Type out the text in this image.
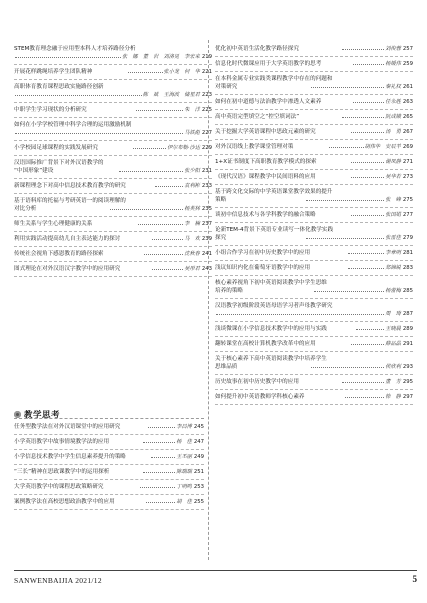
STEM教育理念融于应用型本科人才培养路径分析
张　娜　董　岩　刘洛见　李宏来 219
开展花样跳绳培养学生团队精神	张小龙　何　华 221
高职体育教育课程思政实施路径创新
陈　斌　王海波　储星君 223
中职学生学习现状的分析研究	朱　洋 225
如何在小学学校管理中科学合理的运用激励机制
马铁彪 227
小学校园足球课程的实践发展研究	伊尔布勒·沙达 229
汉语国际推广背景下对外汉语教学的
“中国形象”建设	张少阳 231
新课程理念下对高中信息技术教育教学的研究	袁利彬 233
基于语料库的托福与考研英语一的阅读理解的
对比分析	杨英林 235
师生关系与学生心理健康的关系	李　楠 237
利用实践活动提高幼儿自主表达能力的探讨	马　欢 239
传统社会视角下感恩教育的路径探索	沈秋春 241
图式理论在对外汉语汉字教学中的应用研究	吴彤君 243
优化初中英语生活化教学路径探究	刘俊蓉 257
信息化时代微课应用于大学英语教学的思考	杨媛伟 259
在本科金属专业实践类课程教学中存在的问题和
对策研究	秦礼权 261
如何在初中道德与法治教学中渗透人文素养	任永胜 263
高中英语完型填空之“控空填词法”	阮成娥 265
关于挖掘大学英语课程中思政元素的研究	汤　勇 267
对外汉语线上教学课堂管理对策	胡伟华　安辰羊 269
1+X证书制度下高职教育教学模式的探索	谢凤静 271
《现代汉语》课程教学中民间语料的应用	吴华若 273
基于跨文化交际的中学英语课堂教学效果的提升
策略	张　峰 275
谈初中信息技术与各学科教学的融合策略	张国娟 277
论新TEM-4背景下英语专业读写一体化教学实践
探究	张雷佳 279
小组合作学习在初中历史教学中的应用	李章明 281
浅议知识内化在葡萄牙语教学中的应用	郑锦锐 283
核心素养视角下初中英语阅读教学中学生思维
培养的策略	杨蕾梅 285
汉语教学初级阶段英语母语学习者声母教学研究
周　琦 287
浅谈微课在小学信息技术教学中的应用与实践	王晓晨 289
翻转课堂在高校计算机教学改革中的应用	薛品晶 291
关于核心素养下高中英语阅读教学中培养学生
思维品质	侯欣利 293
历史故事在初中历史教学中的应用	董　芳 295
如何提升初中英语教师学科核心素养	徐　静 297
教学思考
任务型教学法在对外汉语课堂中的应用研究	李昌博 245
小学英语教学中故事情境教学法的应用	杨　佳 247
小学信息技术教学中学生信息素养提升的策略	王丕丽 249
“三长”精神在思政课教学中的运用探析	陈瑞瑞 251
大学英语教学中的课程思政策略研究	丁明鸣 253
案例教学法在高校思想政治教学中的应用	胡　佳 255
SANWENBAIJIA 2021/12	5
